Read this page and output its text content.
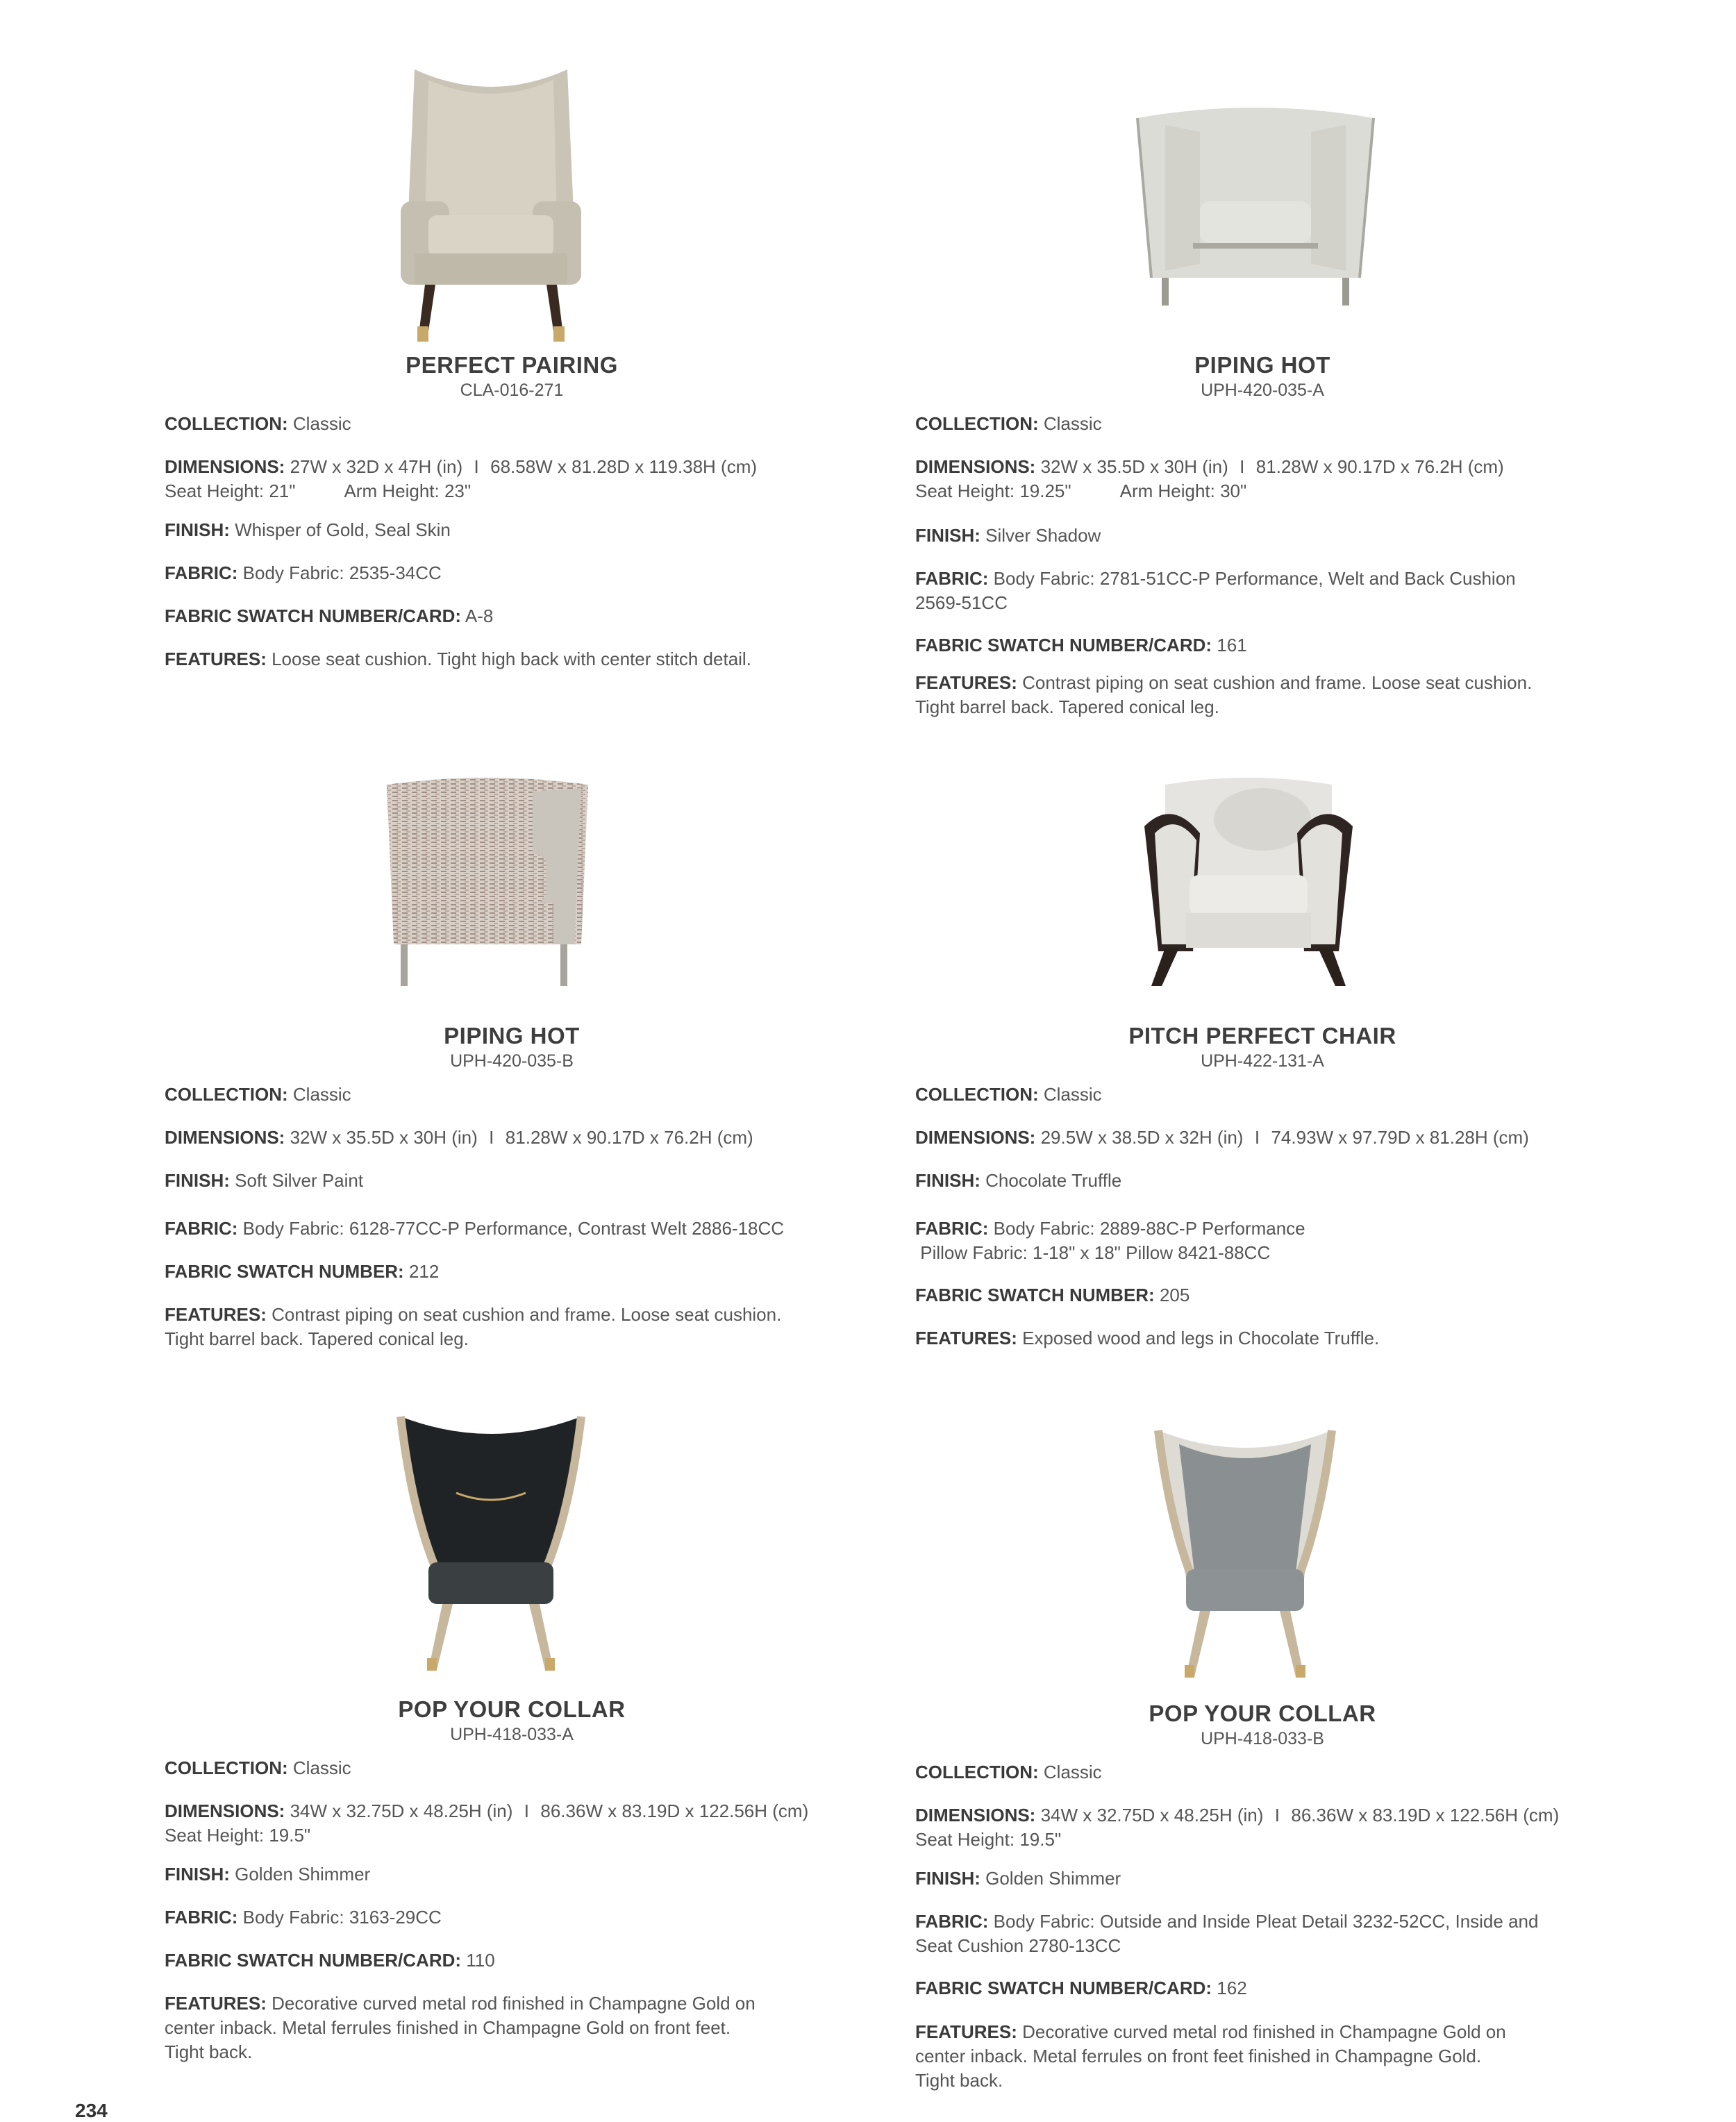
PERFECT PAIRING
CLA-016-271
COLLECTION: Classic
DIMENSIONS: 27W x 32D x 47H (in) I 68.58W x 81.28D x 119.38H (cm)
Seat Height: 21"	Arm Height: 23"
FINISH: Whisper of Gold, Seal Skin
FABRIC: Body Fabric: 2535-34CC
FABRIC SWATCH NUMBER/CARD: A-8
FEATURES: Loose seat cushion. Tight high back with center stitch detail.
PIPING HOT
UPH-420-035-A
COLLECTION: Classic
DIMENSIONS: 32W x 35.5D x 30H (in) I 81.28W x 90.17D x 76.2H (cm)
Seat Height: 19.25"	Arm Height: 30"
FINISH: Silver Shadow
FABRIC: Body Fabric: 2781-51CC-P Performance, Welt and Back Cushion
2569-51CC
FABRIC SWATCH NUMBER/CARD: 161
FEATURES: Contrast piping on seat cushion and frame. Loose seat cushion.
Tight barrel back. Tapered conical leg.
PIPING HOT
UPH-420-035-B
COLLECTION: Classic
DIMENSIONS: 32W x 35.5D x 30H (in) I 81.28W x 90.17D x 76.2H (cm)
FINISH: Soft Silver Paint
FABRIC: Body Fabric: 6128-77CC-P Performance, Contrast Welt 2886-18CC
FABRIC SWATCH NUMBER: 212
FEATURES: Contrast piping on seat cushion and frame. Loose seat cushion.
Tight barrel back. Tapered conical leg.
PITCH PERFECT CHAIR
UPH-422-131-A
COLLECTION: Classic
DIMENSIONS: 29.5W x 38.5D x 32H (in) I 74.93W x 97.79D x 81.28H (cm)
FINISH: Chocolate Truffle
FABRIC: Body Fabric: 2889-88C-P Performance
Pillow Fabric: 1-18" x 18" Pillow 8421-88CC
FABRIC SWATCH NUMBER: 205
FEATURES: Exposed wood and legs in Chocolate Truffle.
POP YOUR COLLAR
UPH-418-033-A
COLLECTION: Classic
DIMENSIONS: 34W x 32.75D x 48.25H (in) I 86.36W x 83.19D x 122.56H (cm)
Seat Height: 19.5"
FINISH: Golden Shimmer
FABRIC: Body Fabric: 3163-29CC
FABRIC SWATCH NUMBER/CARD: 110
FEATURES: Decorative curved metal rod finished in Champagne Gold on
center inback. Metal ferrules finished in Champagne Gold on front feet.
Tight back.
POP YOUR COLLAR
UPH-418-033-B
COLLECTION: Classic
DIMENSIONS: 34W x 32.75D x 48.25H (in) I 86.36W x 83.19D x 122.56H (cm)
Seat Height: 19.5"
FINISH: Golden Shimmer
FABRIC: Body Fabric: Outside and Inside Pleat Detail 3232-52CC, Inside and
Seat Cushion 2780-13CC
FABRIC SWATCH NUMBER/CARD: 162
FEATURES: Decorative curved metal rod finished in Champagne Gold on
center inback. Metal ferrules on front feet finished in Champagne Gold.
Tight back.
234
